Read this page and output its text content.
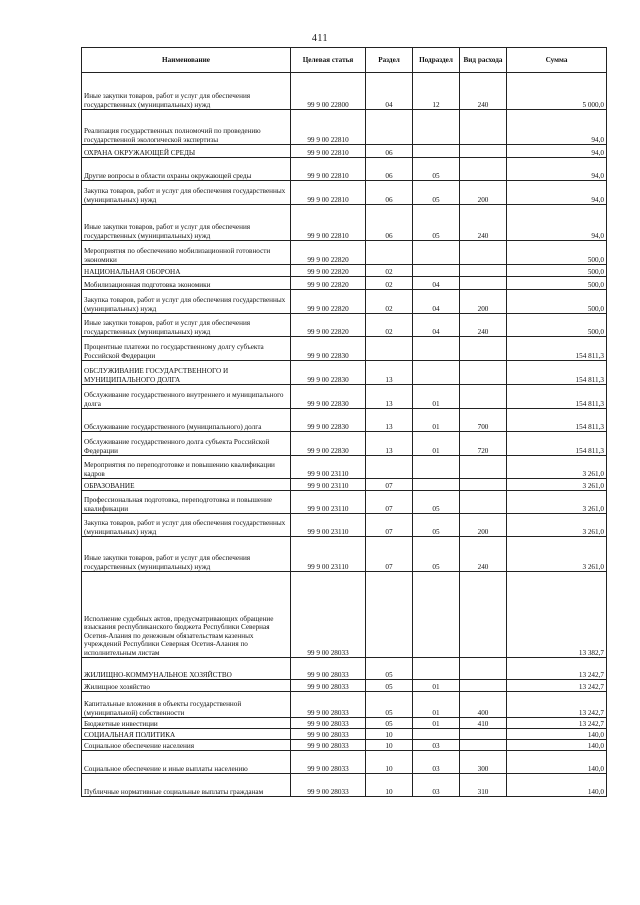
411
Наименование	Целевая статья	Раздел	Подраздел	Вид расхода	Сумма
Иные закупки товаров, работ и услуг для обеспечения государственных (муниципальных) нужд	99 9 00 22800	04	12	240	5 000,0
Реализация государственных полномочий по проведению государственной экологической экспертизы	99 9 00 22810				94,0
ОХРАНА ОКРУЖАЮЩЕЙ СРЕДЫ	99 9 00 22810	06			94,0
Другие вопросы в области охраны окружающей среды	99 9 00 22810	06	05		94,0
Закупка товаров, работ и услуг для обеспечения государственных (муниципальных) нужд	99 9 00 22810	06	05	200	94,0
Иные закупки товаров, работ и услуг для обеспечения государственных (муниципальных) нужд	99 9 00 22810	06	05	240	94,0
Мероприятия по обеспечению мобилизационной готовности экономики	99 9 00 22820				500,0
НАЦИОНАЛЬНАЯ ОБОРОНА	99 9 00 22820	02			500,0
Мобилизационная подготовка экономики	99 9 00 22820	02	04		500,0
Закупка товаров, работ и услуг для обеспечения государственных (муниципальных) нужд	99 9 00 22820	02	04	200	500,0
Иные закупки товаров, работ и услуг для обеспечения государственных (муниципальных) нужд	99 9 00 22820	02	04	240	500,0
Процентные платежи по государственному долгу субъекта Российской Федерации	99 9 00 22830				154 811,3
ОБСЛУЖИВАНИЕ ГОСУДАРСТВЕННОГО И МУНИЦИПАЛЬНОГО ДОЛГА	99 9 00 22830	13			154 811,3
Обслуживание государственного внутреннего и муниципального долга	99 9 00 22830	13	01		154 811,3
Обслуживание государственного (муниципального) долга	99 9 00 22830	13	01	700	154 811,3
Обслуживание государственного долга субъекта Российской Федерации	99 9 00 22830	13	01	720	154 811,3
Мероприятия по переподготовке и повышению квалификации кадров	99 9 00 23110				3 261,0
ОБРАЗОВАНИЕ	99 9 00 23110	07			3 261,0
Профессиональная подготовка, переподготовка и повышение квалификации	99 9 00 23110	07	05		3 261,0
Закупка товаров, работ и услуг для обеспечения государственных (муниципальных) нужд	99 9 00 23110	07	05	200	3 261,0
Иные закупки товаров, работ и услуг для обеспечения государственных (муниципальных) нужд	99 9 00 23110	07	05	240	3 261,0
Исполнение судебных актов, предусматривающих обращение взыскания республиканского бюджета Республики Северная Осетия-Алания по денежным обязательствам казенных учреждений Республики Северная Осетия-Алания по исполнительным листам	99 9 00 28033				13 382,7
ЖИЛИЩНО-КОММУНАЛЬНОЕ ХОЗЯЙСТВО	99 9 00 28033	05			13 242,7
Жилищное хозяйство	99 9 00 28033	05	01		13 242,7
Капитальные вложения в объекты государственной (муниципальной) собственности	99 9 00 28033	05	01	400	13 242,7
Бюджетные инвестиции	99 9 00 28033	05	01	410	13 242,7
СОЦИАЛЬНАЯ ПОЛИТИКА	99 9 00 28033	10			140,0
Социальное обеспечение населения	99 9 00 28033	10	03		140,0
Социальное обеспечение и иные выплаты населению	99 9 00 28033	10	03	300	140,0
Публичные нормативные социальные выплаты гражданам	99 9 00 28033	10	03	310	140,0
